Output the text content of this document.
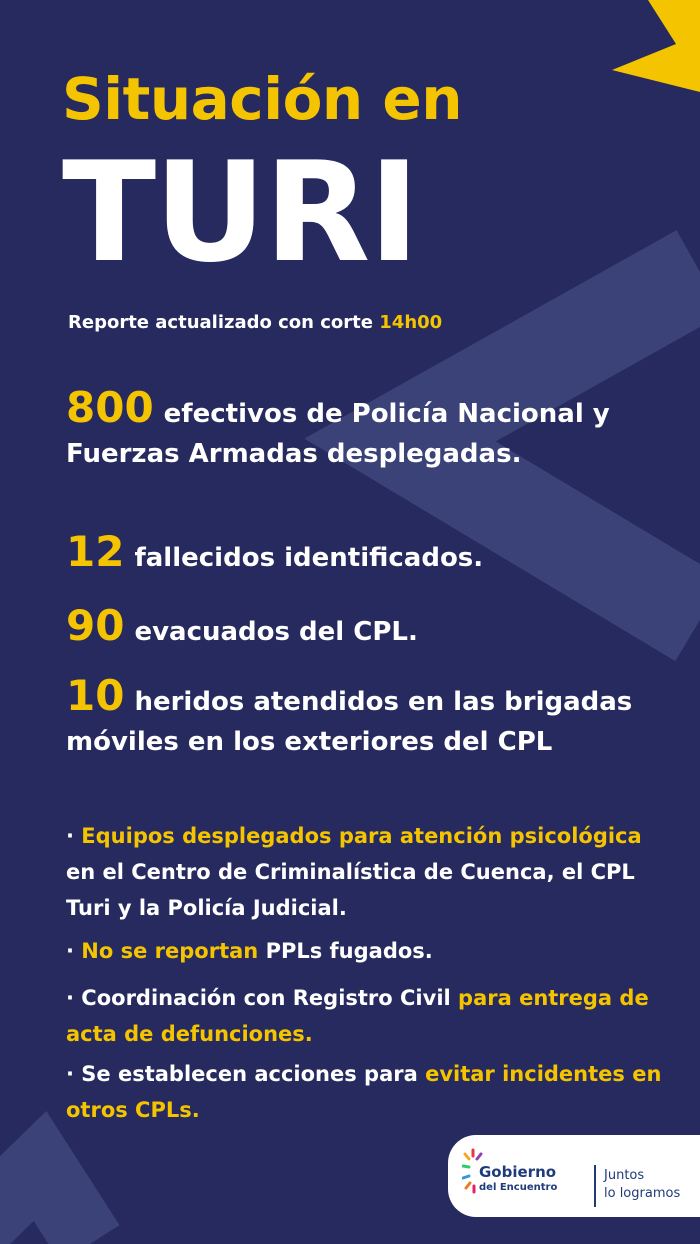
Situación en
TURI
Reporte actualizado con corte 14h00
800 efectivos de Policía Nacional y Fuerzas Armadas desplegadas.
12 fallecidos identificados.
90 evacuados del CPL.
10 heridos atendidos en las brigadas móviles en los exteriores del CPL
· Equipos desplegados para atención psicológica en el Centro de Criminalística de Cuenca, el CPL Turi y la Policía Judicial.
· No se reportan PPLs fugados.
· Coordinación con Registro Civil para entrega de acta de defunciones.
· Se establecen acciones para evitar incidentes en otros CPLs.
Gobierno
del Encuentro
Juntos
lo logramos
